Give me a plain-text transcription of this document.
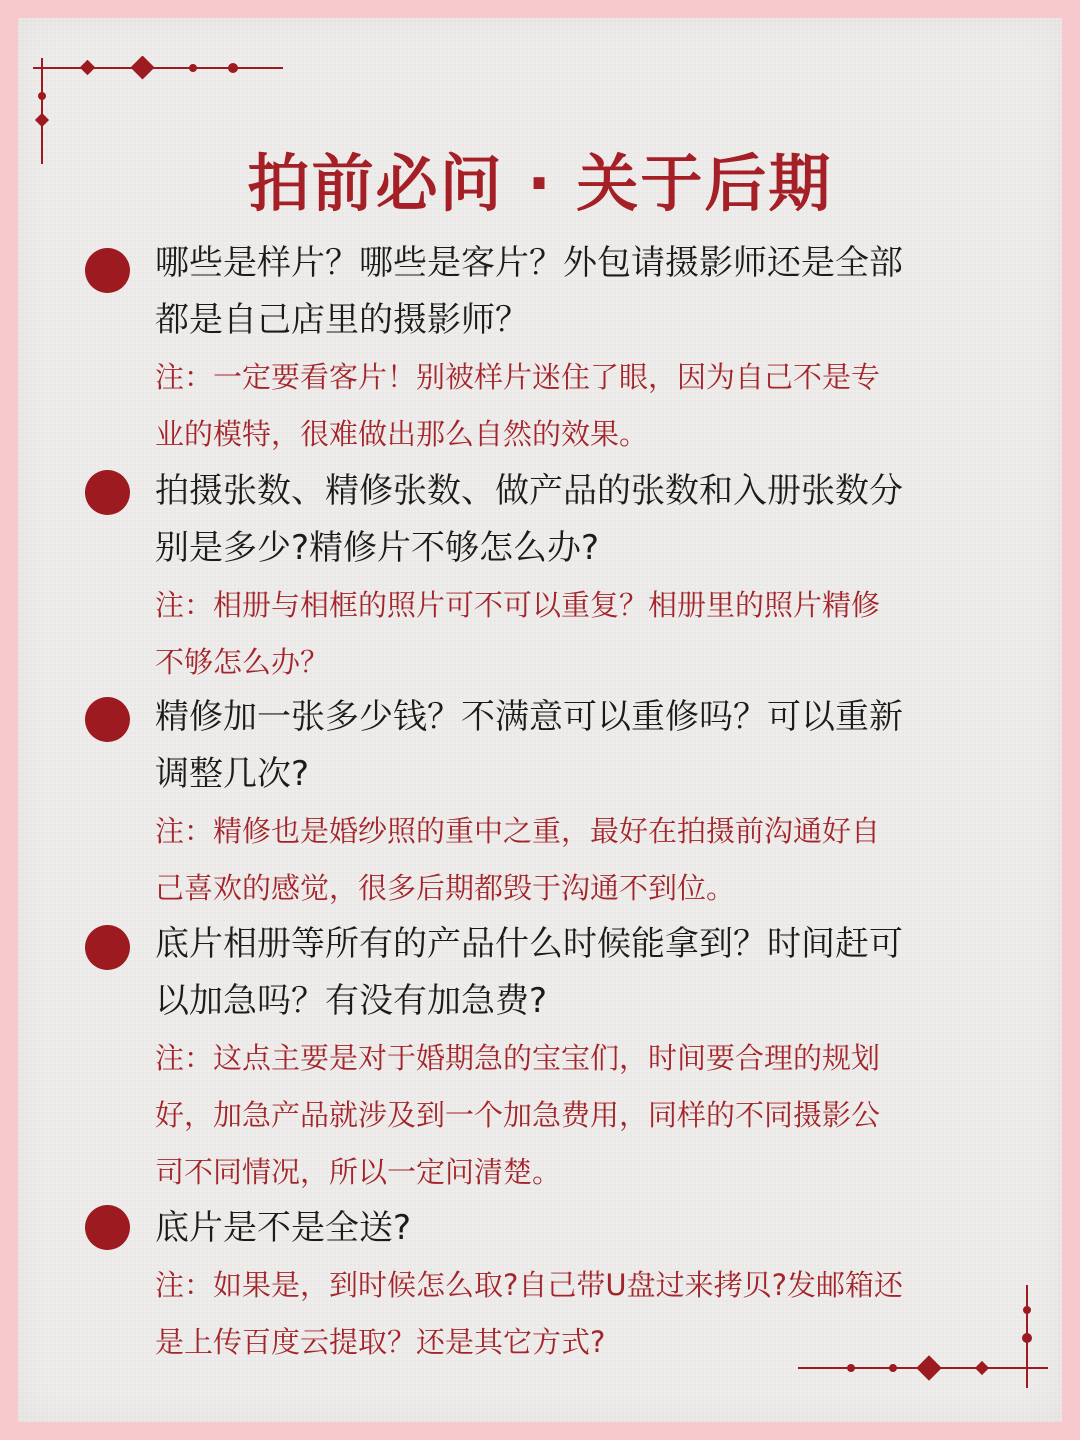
拍前必问 · 关于后期
哪些是样片？哪些是客片？外包请摄影师还是全部
都是自己店里的摄影师？
注：一定要看客片！别被样片迷住了眼，因为自己不是专
业的模特，很难做出那么自然的效果。
拍摄张数、精修张数、做产品的张数和入册张数分
别是多少?精修片不够怎么办?
注：相册与相框的照片可不可以重复？相册里的照片精修
不够怎么办？
精修加一张多少钱？不满意可以重修吗？可以重新
调整几次?
注：精修也是婚纱照的重中之重，最好在拍摄前沟通好自
己喜欢的感觉，很多后期都毁于沟通不到位。
底片相册等所有的产品什么时候能拿到？时间赶可
以加急吗？有没有加急费?
注：这点主要是对于婚期急的宝宝们，时间要合理的规划
好，加急产品就涉及到一个加急费用，同样的不同摄影公
司不同情况，所以一定问清楚。
底片是不是全送?
注：如果是，到时候怎么取?自己带U盘过来拷贝?发邮箱还
是上传百度云提取？还是其它方式?
